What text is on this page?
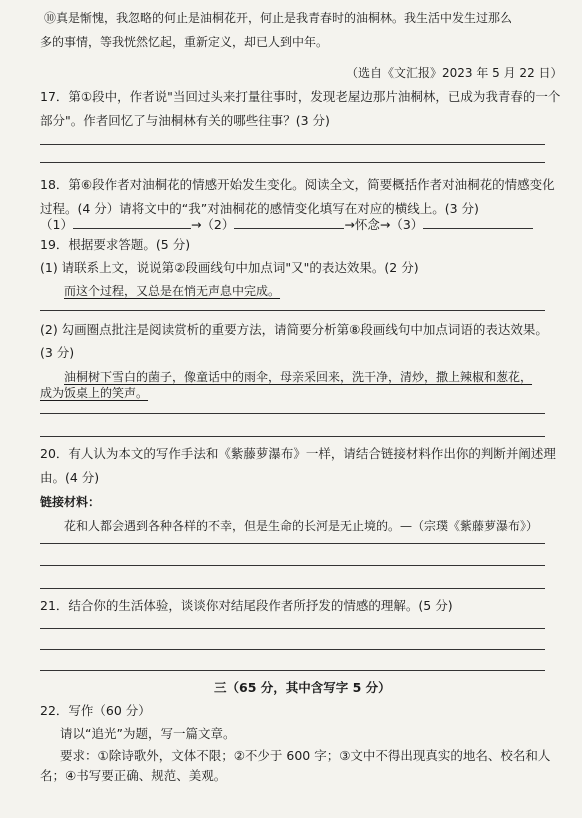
⑩真是惭愧，我忽略的何止是油桐花开，何止是我青春时的油桐林。我生活中发生过那么
多的事情，等我恍然忆起，重新定义，却已人到中年。
（选自《文汇报》2023 年 5 月 22 日）
17．第①段中，作者说"当回过头来打量往事时，发现老屋边那片油桐林，已成为我青春的一个
部分"。作者回忆了与油桐林有关的哪些往事？(3 分)
18．第⑥段作者对油桐花的情感开始发生变化。阅读全文，简要概括作者对油桐花的情感变化
过程。(4 分）请将文中的“我”对油桐花的感情变化填写在对应的横线上。(3 分)
（1）	→（2）	→怀念→（3）
19．根据要求答题。(5 分)
(1) 请联系上文，说说第②段画线句中加点词"又"的表达效果。(2 分)
而这个过程，又总是在悄无声息中完成。
(2) 勾画圈点批注是阅读赏析的重要方法，请简要分析第⑧段画线句中加点词语的表达效果。
(3 分)
油桐树下雪白的菌子，像童话中的雨伞，母亲采回来，洗干净，清炒，撒上辣椒和葱花，
成为饭桌上的笑声。
20．有人认为本文的写作手法和《紫藤萝瀑布》一样，请结合链接材料作出你的判断并阐述理
由。(4 分)
链接材料：
花和人都会遇到各种各样的不幸，但是生命的长河是无止境的。—（宗璞《紫藤萝瀑布》）
21．结合你的生活体验，谈谈你对结尾段作者所抒发的情感的理解。(5 分)
三（65 分，其中含写字 5 分）
22．写作（60 分）
请以“追光”为题，写一篇文章。
要求：①除诗歌外，文体不限；②不少于 600 字；③文中不得出现真实的地名、校名和人
名；④书写要正确、规范、美观。
